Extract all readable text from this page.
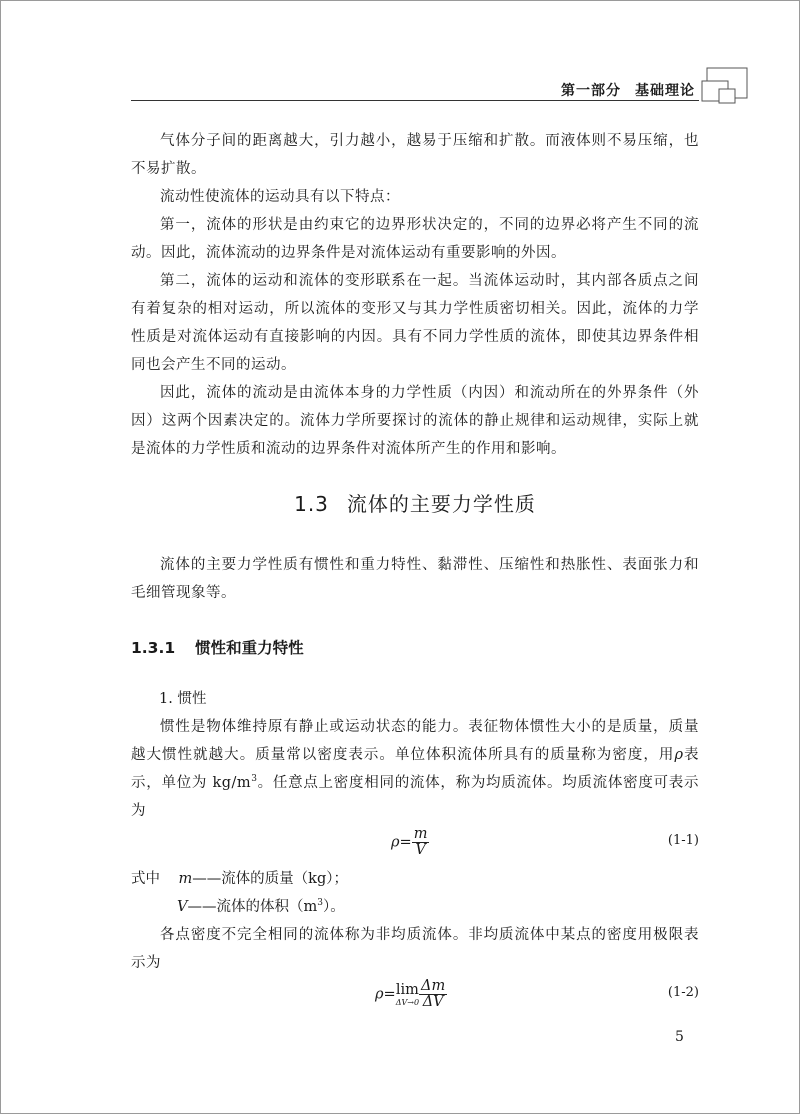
第一部分 基础理论

气体分子间的距离越大，引力越小，越易于压缩和扩散。而液体则不易压缩，也不易扩散。

流动性使流体的运动具有以下特点：

第一，流体的形状是由约束它的边界形状决定的，不同的边界必将产生不同的流动。因此，流体流动的边界条件是对流体运动有重要影响的外因。

第二，流体的运动和流体的变形联系在一起。当流体运动时，其内部各质点之间有着复杂的相对运动，所以流体的变形又与其力学性质密切相关。因此，流体的力学性质是对流体运动有直接影响的内因。具有不同力学性质的流体，即使其边界条件相同也会产生不同的运动。

因此，流体的流动是由流体本身的力学性质（内因）和流动所在的外界条件（外因）这两个因素决定的。流体力学所要探讨的流体的静止规律和运动规律，实际上就是流体的力学性质和流动的边界条件对流体所产生的作用和影响。

1.3 流体的主要力学性质

流体的主要力学性质有惯性和重力特性、黏滞性、压缩性和热胀性、表面张力和毛细管现象等。

1.3.1 惯性和重力特性
1. 惯性

惯性是物体维持原有静止或运动状态的能力。表征物体惯性大小的是质量，质量越大惯性就越大。质量常以密度表示。单位体积流体所具有的质量称为密度，用ρ表示，单位为 $kg/m^3$。任意点上密度相同的流体，称为均质流体。均质流体密度可表示为

$\rho= \frac{m}{V}$	(1-1)
式中 m——流体的质量（kg）；
V——流体的体积$(m^3)$。

各点密度不完全相同的流体称为非均质流体。非均质流体中某点的密度用极限表示为

ρ= lim
$\Delta V\to 0 \frac{\Delta m}{\Delta V}$	(1-2)
5
